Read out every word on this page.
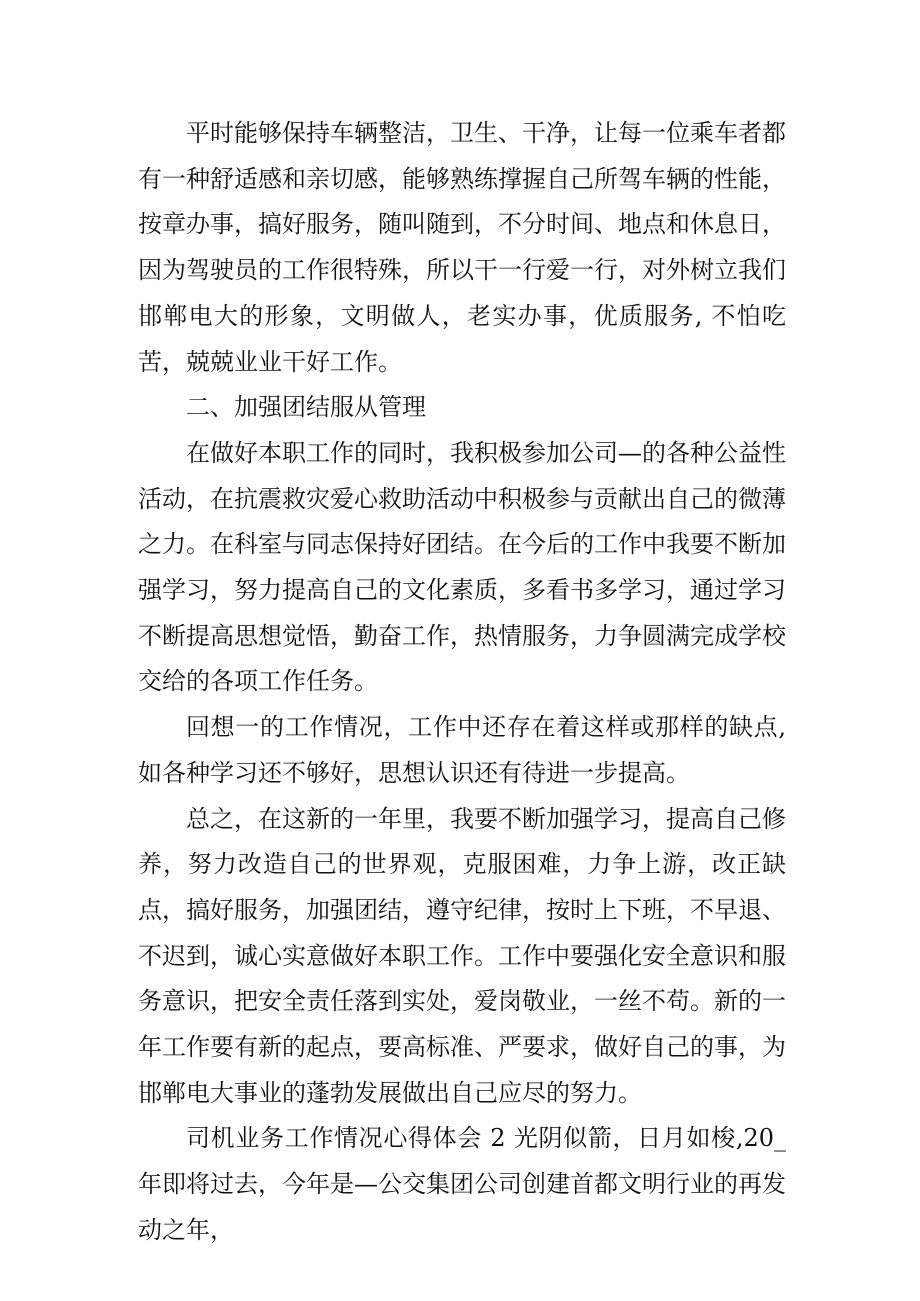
平时能够保持车辆整洁，卫生、干净，让每一位乘车者都有一种舒适感和亲切感，能够熟练撑握自己所驾车辆的性能，按章办事，搞好服务，随叫随到，不分时间、地点和休息日，因为驾驶员的工作很特殊，所以干一行爱一行，对外树立我们邯郸电大的形象，文明做人，老实办事，优质服务, 不怕吃苦，兢兢业业干好工作。

二、加强团结服从管理

在做好本职工作的同时，我积极参加公司—的各种公益性活动，在抗震救灾爱心救助活动中积极参与贡献出自己的微薄之力。在科室与同志保持好团结。在今后的工作中我要不断加强学习，努力提高自己的文化素质，多看书多学习，通过学习不断提高思想觉悟，勤奋工作，热情服务，力争圆满完成学校交给的各项工作任务。

回想一的工作情况，工作中还存在着这样或那样的缺点, 如各种学习还不够好，思想认识还有待进一步提高。

总之，在这新的一年里，我要不断加强学习，提高自己修养，努力改造自己的世界观，克服困难，力争上游，改正缺点，搞好服务，加强团结，遵守纪律，按时上下班，不早退、不迟到，诚心实意做好本职工作。工作中要强化安全意识和服务意识，把安全责任落到实处，爱岗敬业，一丝不苟。新的一年工作要有新的起点，要高标准、严要求，做好自己的事，为邯郸电大事业的蓬勃发展做出自己应尽的努力。

司机业务工作情况心得体会 2 光阴似箭，日月如梭,20_年即将过去，今年是—公交集团公司创建首都文明行业的再发动之年，
